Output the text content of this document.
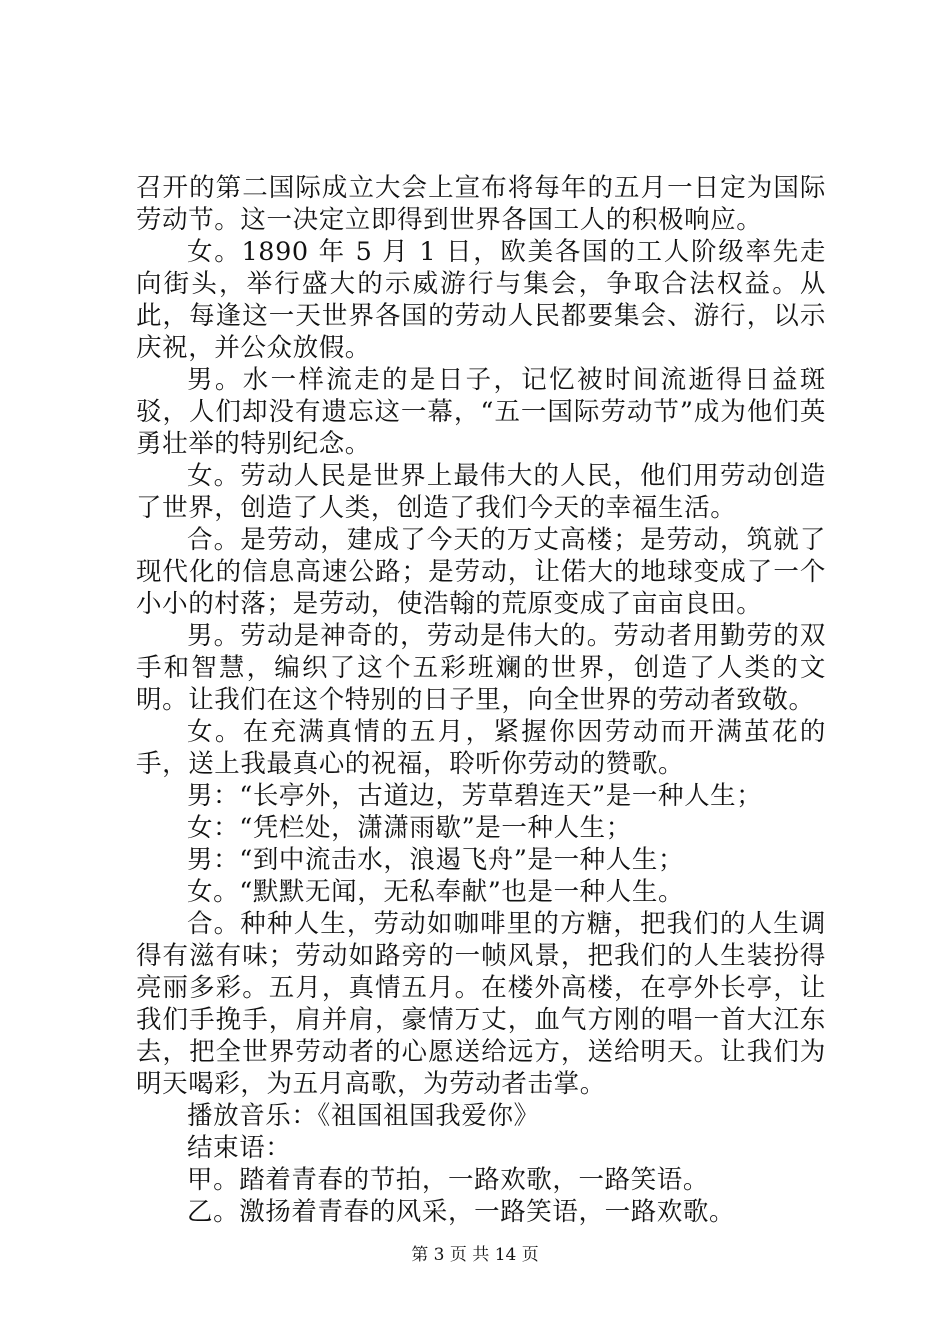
召开的第二国际成立大会上宣布将每年的五月一日定为国际劳动节。这一决定立即得到世界各国工人的积极响应。

女。1890 年 5 月 1 日，欧美各国的工人阶级率先走向街头，举行盛大的示威游行与集会，争取合法权益。从此，每逢这一天世界各国的劳动人民都要集会、游行，以示庆祝，并公众放假。

男。水一样流走的是日子，记忆被时间流逝得日益斑驳，人们却没有遗忘这一幕，“五一国际劳动节”成为他们英勇壮举的特别纪念。

女。劳动人民是世界上最伟大的人民，他们用劳动创造了世界，创造了人类，创造了我们今天的幸福生活。

合。是劳动，建成了今天的万丈高楼；是劳动，筑就了现代化的信息高速公路；是劳动，让偌大的地球变成了一个小小的村落；是劳动，使浩翰的荒原变成了亩亩良田。

男。劳动是神奇的，劳动是伟大的。劳动者用勤劳的双手和智慧，编织了这个五彩班斓的世界，创造了人类的文明。让我们在这个特别的日子里，向全世界的劳动者致敬。

女。在充满真情的五月，紧握你因劳动而开满茧花的手，送上我最真心的祝福，聆听你劳动的赞歌。

男：“长亭外，古道边，芳草碧连天”是一种人生；

女：“凭栏处，潇潇雨歇”是一种人生；

男：“到中流击水，浪遏飞舟”是一种人生；

女。“默默无闻，无私奉献”也是一种人生。

合。种种人生，劳动如咖啡里的方糖，把我们的人生调得有滋有味；劳动如路旁的一帧风景，把我们的人生装扮得亮丽多彩。五月，真情五月。在楼外高楼，在亭外长亭，让我们手挽手，肩并肩，豪情万丈，血气方刚的唱一首大江东去，把全世界劳动者的心愿送给远方，送给明天。让我们为明天喝彩，为五月高歌，为劳动者击掌。

播放音乐：《祖国祖国我爱你》

结束语：

甲。踏着青春的节拍，一路欢歌，一路笑语。

乙。激扬着青春的风采，一路笑语，一路欢歌。

第 3 页 共 14 页
